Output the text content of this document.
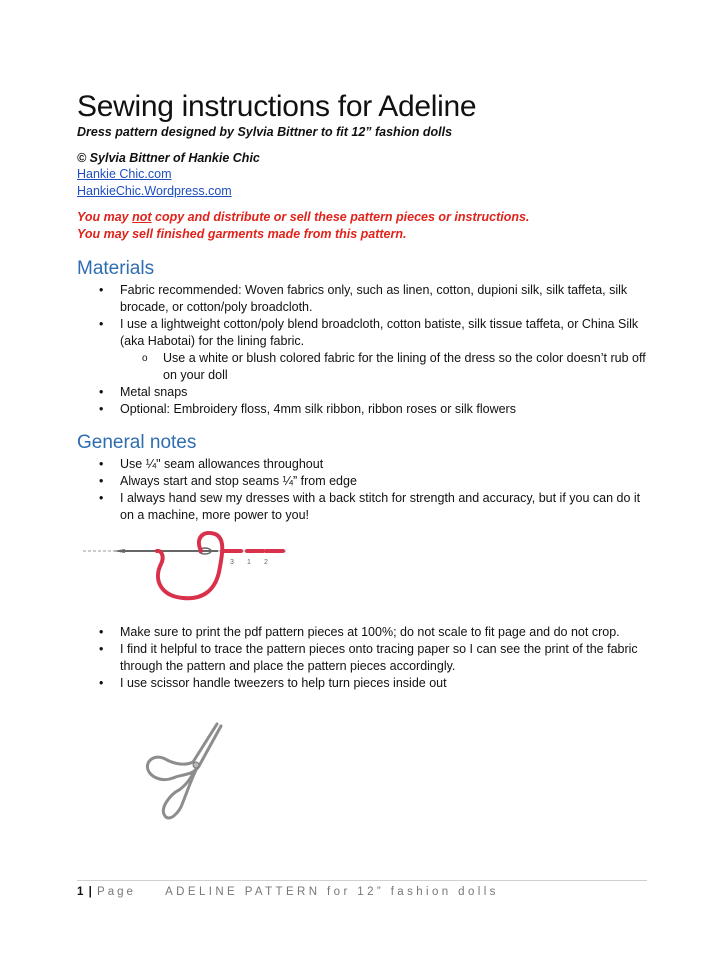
Sewing instructions for Adeline

Dress pattern designed by Sylvia Bittner to fit 12” fashion dolls

© Sylvia Bittner of Hankie Chic

Hankie Chic.com

HankieChic.Wordpress.com

You may not copy and distribute or sell these pattern pieces or instructions.

You may sell finished garments made from this pattern.

Materials
• Fabric recommended: Woven fabrics only, such as linen, cotton, dupioni silk, silk taffeta, silk brocade, or cotton/poly broadcloth.
• I use a lightweight cotton/poly blend broadcloth, cotton batiste, silk tissue taffeta, or China Silk (aka Habotai) for the lining fabric.
o Use a white or blush colored fabric for the lining of the dress so the color doesn’t rub off on your doll
• Metal snaps
• Optional: Embroidery floss, 4mm silk ribbon, ribbon roses or silk flowers
General notes
• Use ¼" seam allowances throughout
• Always start and stop seams ¼” from edge
• I always hand sew my dresses with a back stitch for strength and accuracy, but if you can do it on a machine, more power to you!
3 1 2
• Make sure to print the pdf pattern pieces at 100%; do not scale to fit page and do not crop.
• I find it helpful to trace the pattern pieces onto tracing paper so I can see the print of the fabric through the pattern and place the pattern pieces accordingly.
• I use scissor handle tweezers to help turn pieces inside out
1 | Page	ADELINE PATTERN for 12” fashion dolls
